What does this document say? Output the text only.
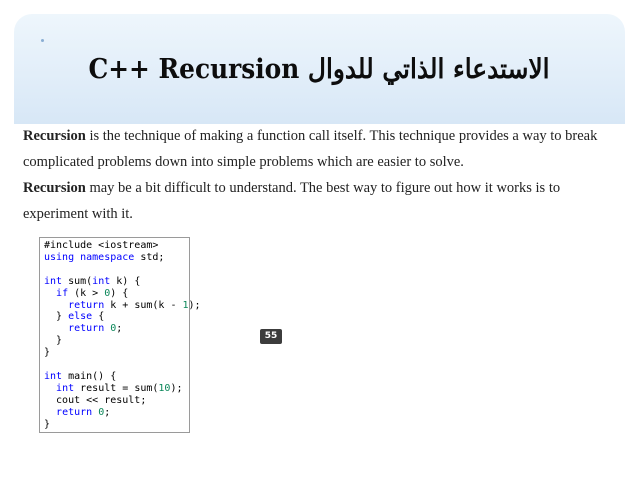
C++ Recursion الاستدعاء الذاتي للدوال
Recursion is the technique of making a function call itself. This technique provides a way to break
complicated problems down into simple problems which are easier to solve.
Recursion may be a bit difficult to understand. The best way to figure out how it works is to
experiment with it.
#include <iostream>
using namespace std;

int sum(int k) {
if (k > 0) {
return k + sum(k - 1);
} else {
return 0;
}
}

int main() {
int result = sum(10);
cout << result;
return 0;
}
55
